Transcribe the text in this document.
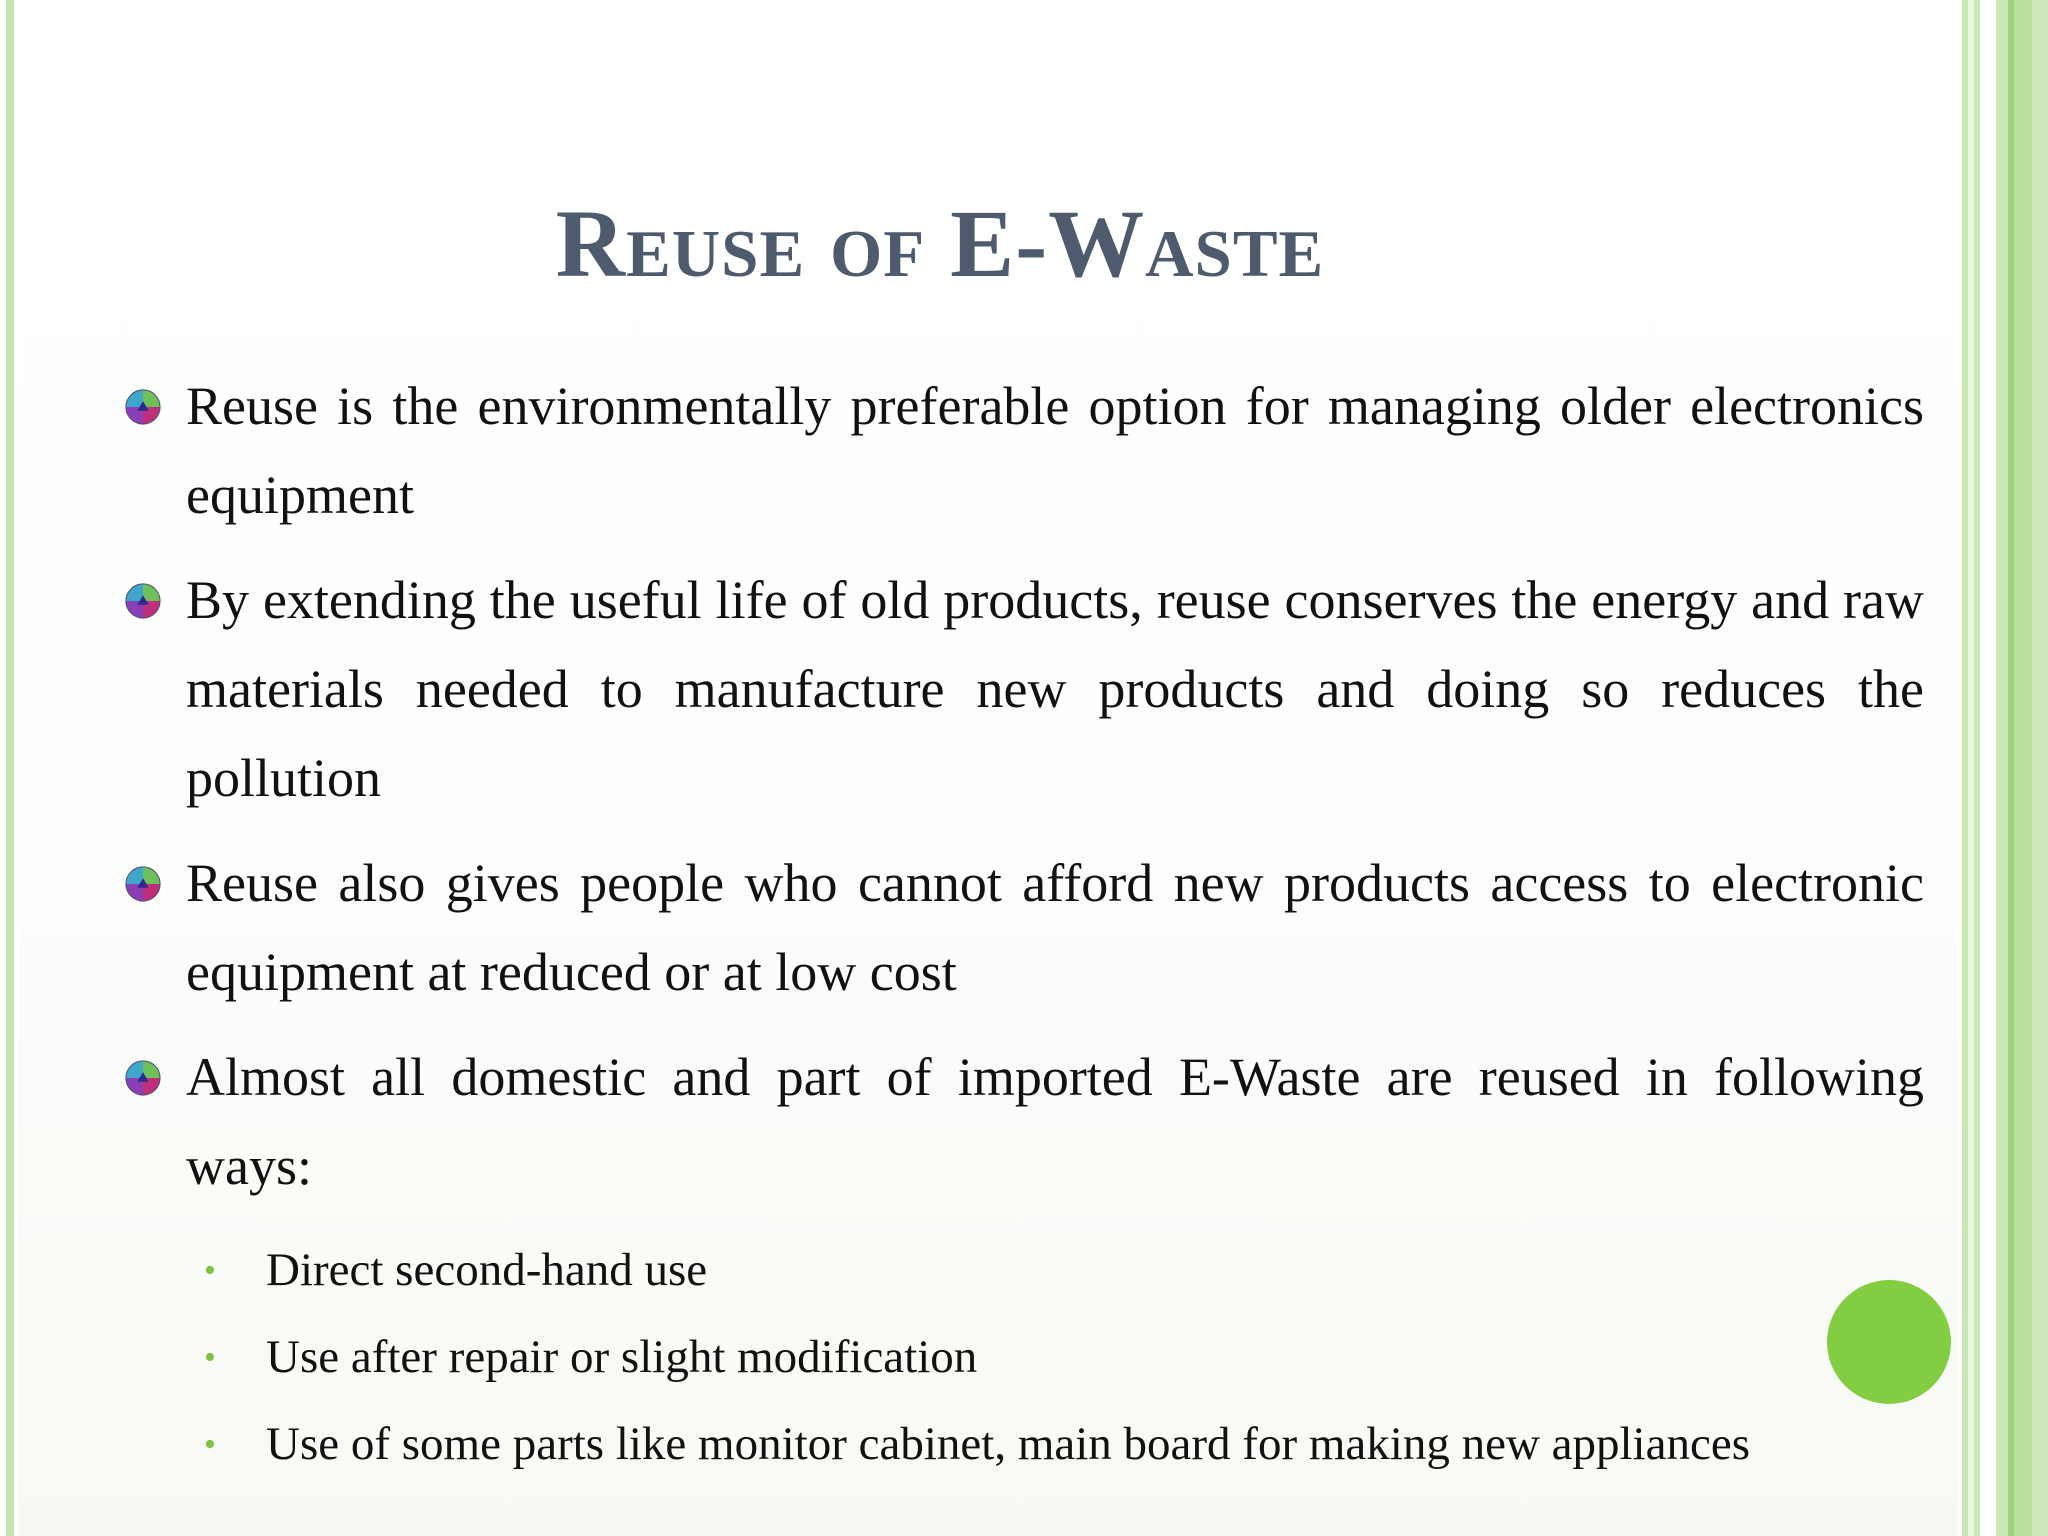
Reuse of E-Waste
Reuse is the environmentally preferable option for managing older electronics equipment
By extending the useful life of old products, reuse conserves the energy and raw materials needed to manufacture new products and doing so reduces the pollution
Reuse also gives people who cannot afford new products access to electronic equipment at reduced or at low cost
Almost all domestic and part of imported E-Waste are reused in following ways:
• Direct second-hand use
• Use after repair or slight modification
• Use of some parts like monitor cabinet, main board for making new appliances
